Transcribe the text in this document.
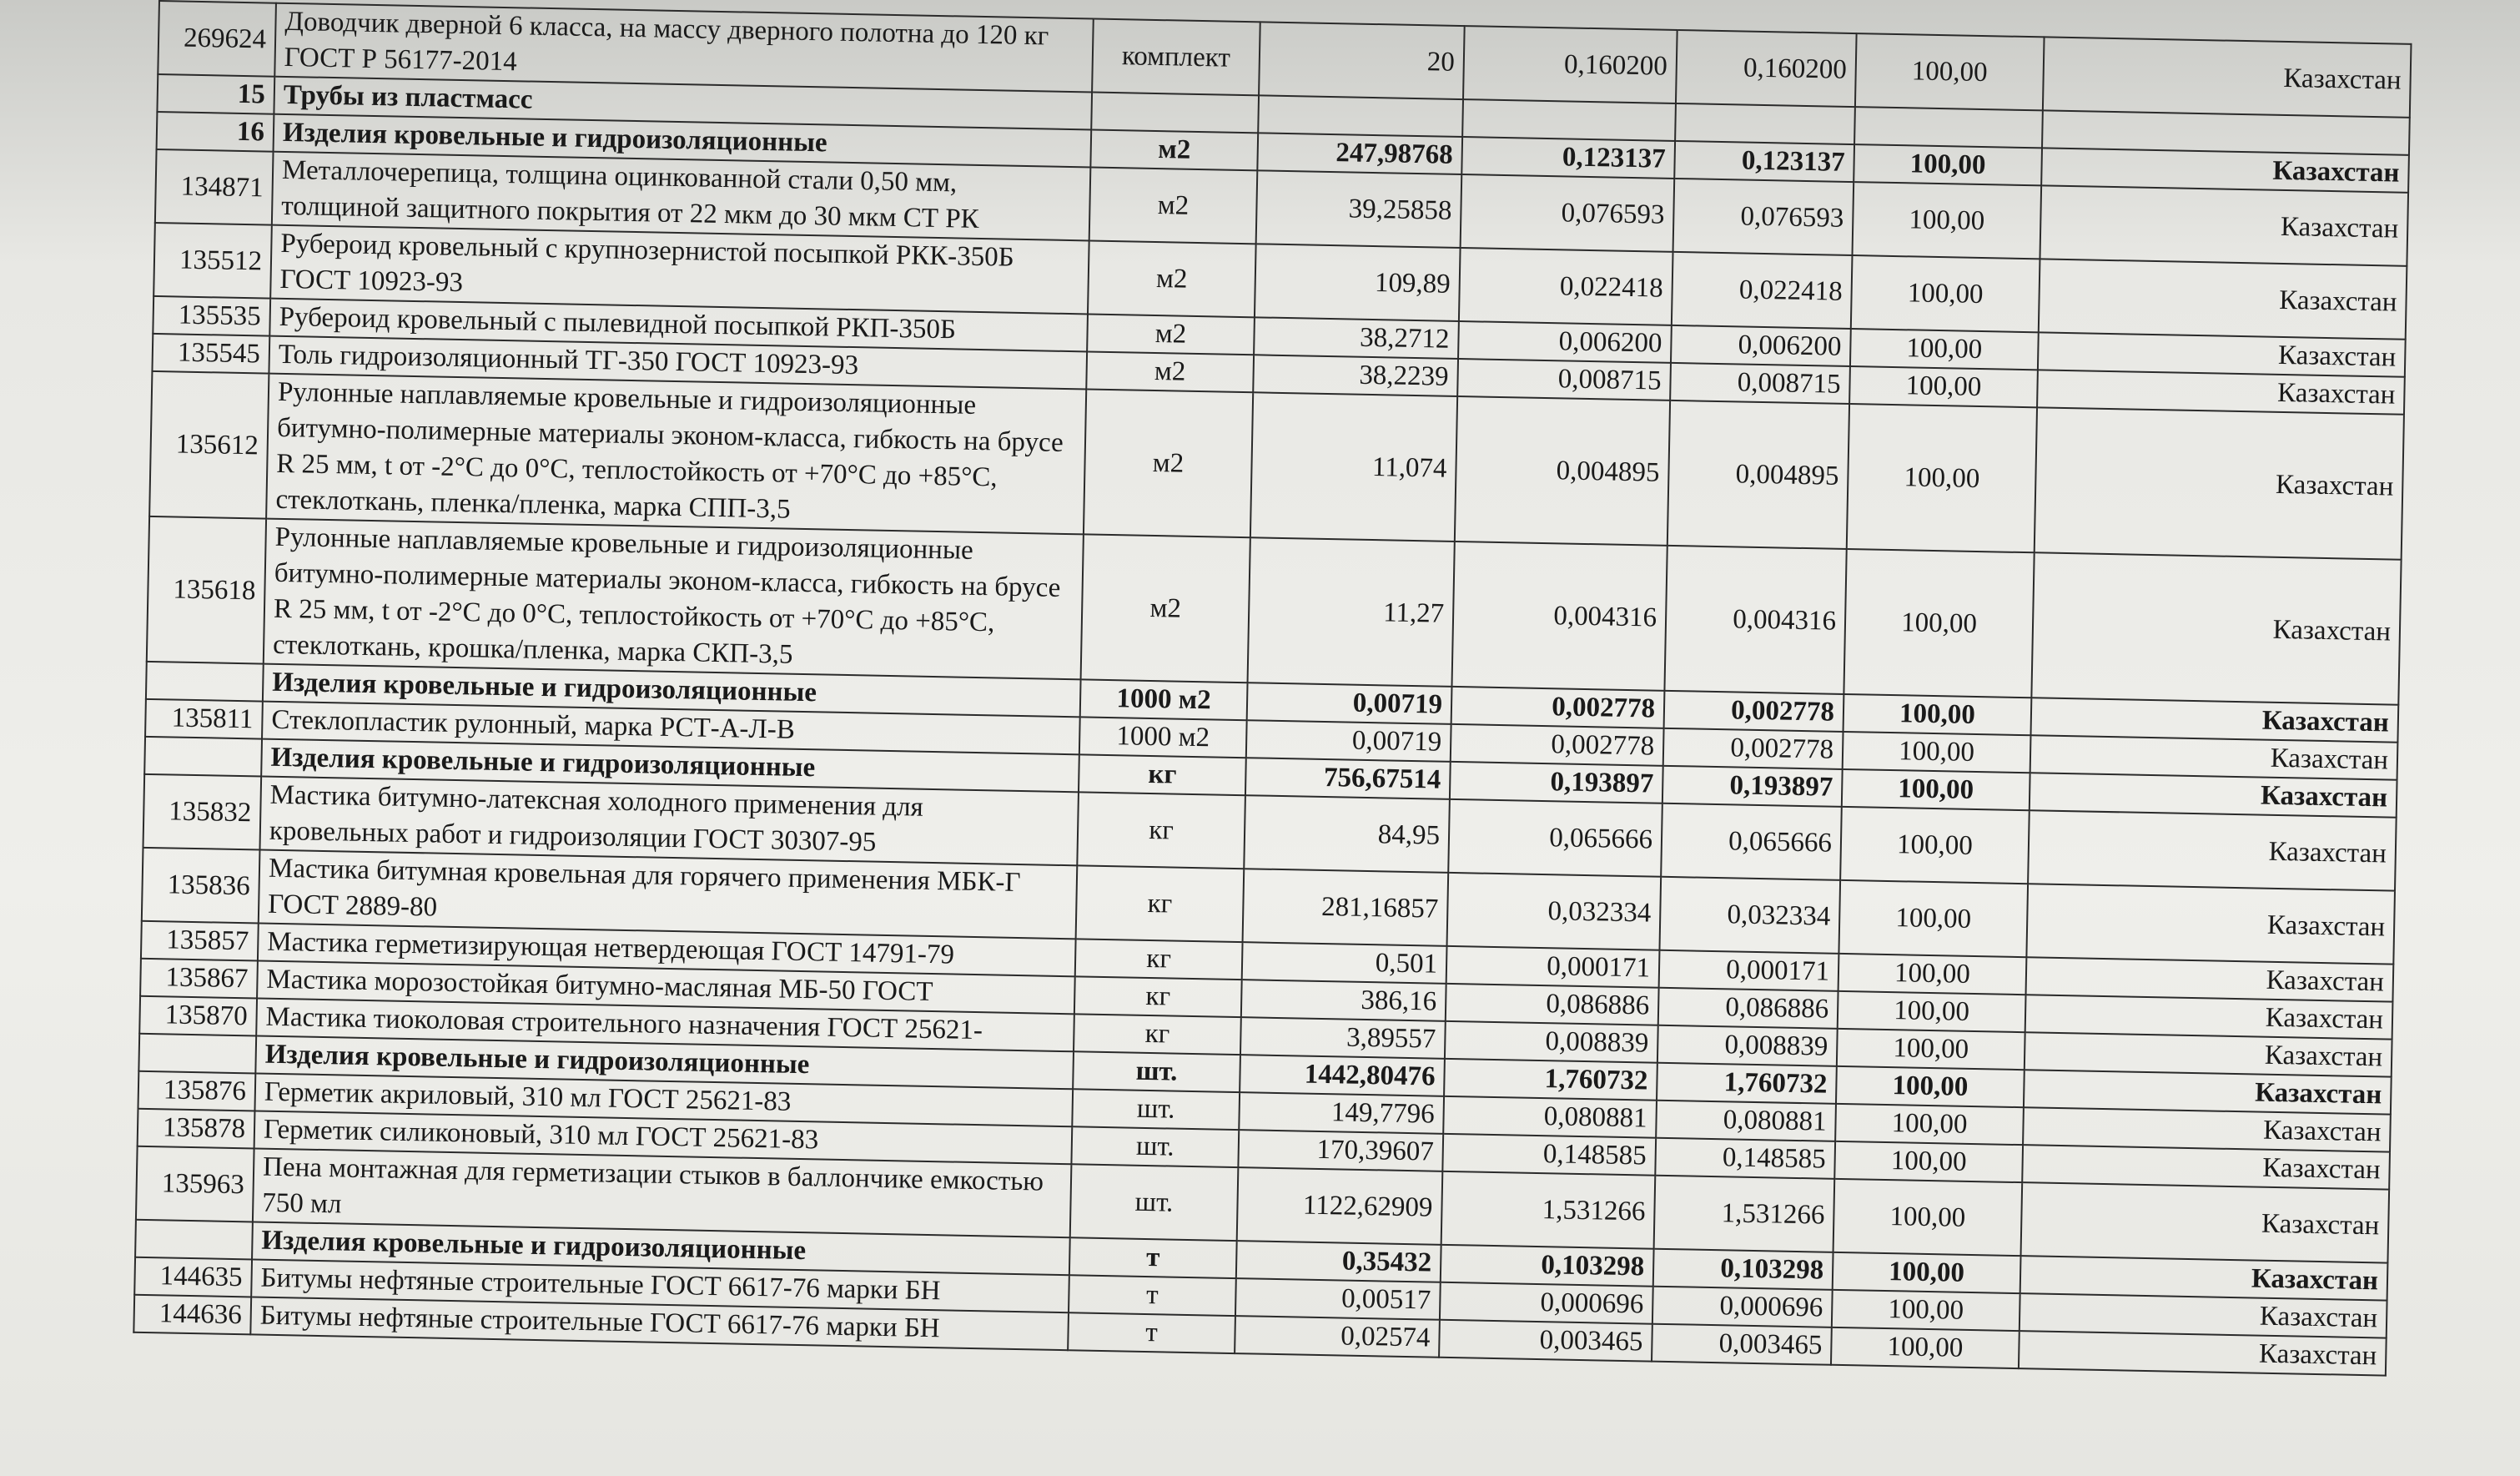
269624	Доводчик дверной 6 класса, на массу дверного полотна до 120 кг ГОСТ Р 56177-2014	комплект	20	0,160200	0,160200	100,00	Казахстан
15	Трубы из пластмасс						
16	Изделия кровельные и гидроизоляционные	м2	247,98768	0,123137	0,123137	100,00	Казахстан
134871	Металлочерепица, толщина оцинкованной стали 0,50 мм, толщиной защитного покрытия от 22 мкм до 30 мкм СТ РК	м2	39,25858	0,076593	0,076593	100,00	Казахстан
135512	Рубероид кровельный с крупнозернистой посыпкой РКК-350Б ГОСТ 10923-93	м2	109,89	0,022418	0,022418	100,00	Казахстан
135535	Рубероид кровельный с пылевидной посыпкой РКП-350Б	м2	38,2712	0,006200	0,006200	100,00	Казахстан
135545	Толь гидроизоляционный ТГ-350 ГОСТ 10923-93	м2	38,2239	0,008715	0,008715	100,00	Казахстан
135612	Рулонные наплавляемые кровельные и гидроизоляционные битумно-полимерные материалы эконом-класса, гибкость на брусе R 25 мм, t от -2°С до 0°С, теплостойкость от +70°С до +85°С, стеклоткань, пленка/пленка, марка СПП-3,5	м2	11,074	0,004895	0,004895	100,00	Казахстан
135618	Рулонные наплавляемые кровельные и гидроизоляционные битумно-полимерные материалы эконом-класса, гибкость на брусе R 25 мм, t от -2°С до 0°С, теплостойкость от +70°С до +85°С, стеклоткань, крошка/пленка, марка СКП-3,5	м2	11,27	0,004316	0,004316	100,00	Казахстан
	Изделия кровельные и гидроизоляционные	1000 м2	0,00719	0,002778	0,002778	100,00	Казахстан
135811	Стеклопластик рулонный, марка РСТ-А-Л-В	1000 м2	0,00719	0,002778	0,002778	100,00	Казахстан
	Изделия кровельные и гидроизоляционные	кг	756,67514	0,193897	0,193897	100,00	Казахстан
135832	Мастика битумно-латексная холодного применения для кровельных работ и гидроизоляции ГОСТ 30307-95	кг	84,95	0,065666	0,065666	100,00	Казахстан
135836	Мастика битумная кровельная для горячего применения МБК-Г ГОСТ 2889-80	кг	281,16857	0,032334	0,032334	100,00	Казахстан
135857	Мастика герметизирующая нетвердеющая ГОСТ 14791-79	кг	0,501	0,000171	0,000171	100,00	Казахстан
135867	Мастика морозостойкая битумно-масляная МБ-50 ГОСТ	кг	386,16	0,086886	0,086886	100,00	Казахстан
135870	Мастика тиоколовая строительного назначения ГОСТ 25621-	кг	3,89557	0,008839	0,008839	100,00	Казахстан
	Изделия кровельные и гидроизоляционные	шт.	1442,80476	1,760732	1,760732	100,00	Казахстан
135876	Герметик акриловый, 310 мл ГОСТ 25621-83	шт.	149,7796	0,080881	0,080881	100,00	Казахстан
135878	Герметик силиконовый, 310 мл ГОСТ 25621-83	шт.	170,39607	0,148585	0,148585	100,00	Казахстан
135963	Пена монтажная для герметизации стыков в баллончике емкостью 750 мл	шт.	1122,62909	1,531266	1,531266	100,00	Казахстан
	Изделия кровельные и гидроизоляционные	т	0,35432	0,103298	0,103298	100,00	Казахстан
144635	Битумы нефтяные строительные ГОСТ 6617-76 марки БН	т	0,00517	0,000696	0,000696	100,00	Казахстан
144636	Битумы нефтяные строительные ГОСТ 6617-76 марки БН	т	0,02574	0,003465	0,003465	100,00	Казахстан
